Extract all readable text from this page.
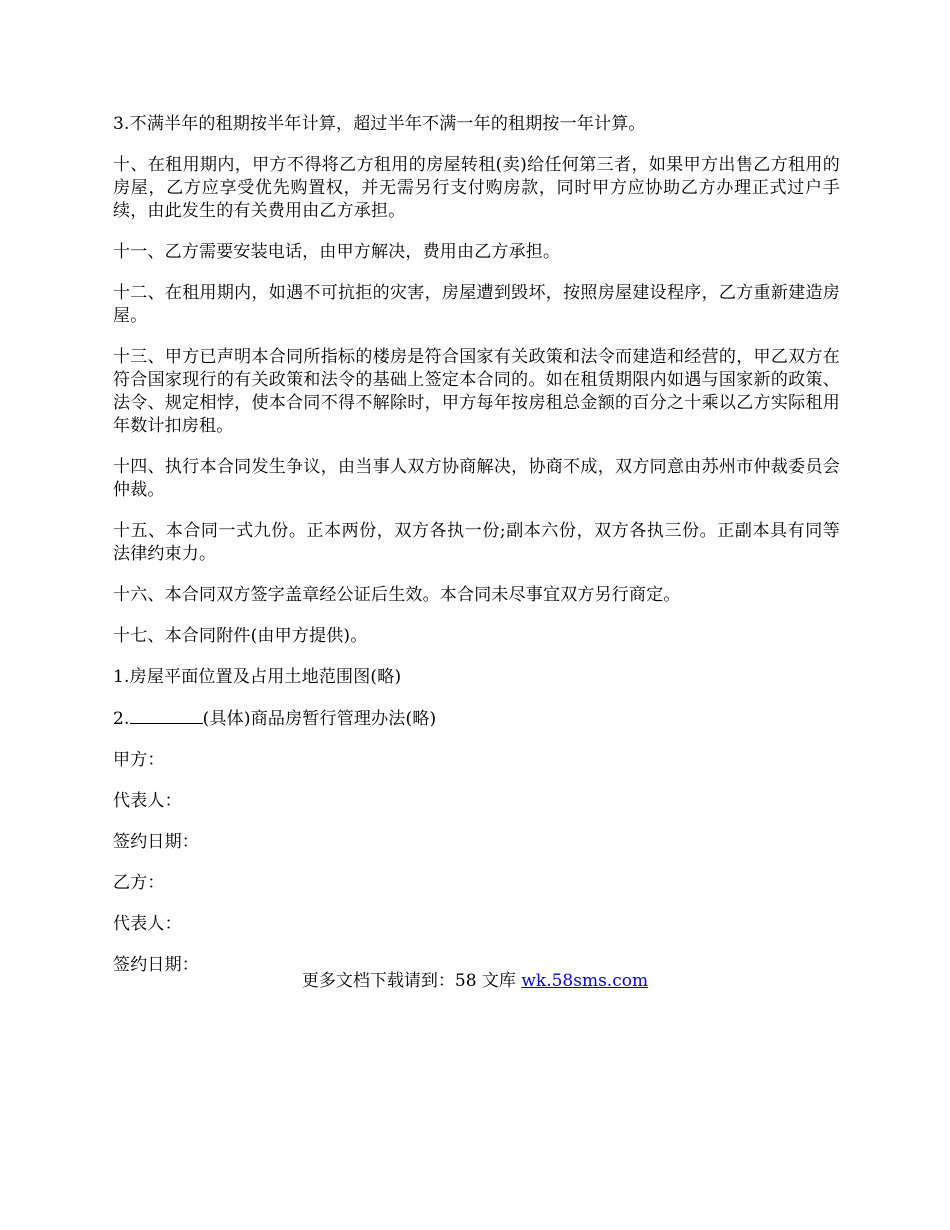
3.不满半年的租期按半年计算，超过半年不满一年的租期按一年计算。

十、在租用期内，甲方不得将乙方租用的房屋转租(卖)给任何第三者，如果甲方出售乙方租用的房屋，乙方应享受优先购置权，并无需另行支付购房款，同时甲方应协助乙方办理正式过户手续，由此发生的有关费用由乙方承担。

十一、乙方需要安装电话，由甲方解决，费用由乙方承担。

十二、在租用期内，如遇不可抗拒的灾害，房屋遭到毁坏，按照房屋建设程序，乙方重新建造房屋。

十三、甲方已声明本合同所指标的楼房是符合国家有关政策和法令而建造和经营的，甲乙双方在符合国家现行的有关政策和法令的基础上签定本合同的。如在租赁期限内如遇与国家新的政策、法令、规定相悖，使本合同不得不解除时，甲方每年按房租总金额的百分之十乘以乙方实际租用年数计扣房租。

十四、执行本合同发生争议，由当事人双方协商解决，协商不成，双方同意由苏州市仲裁委员会仲裁。

十五、本合同一式九份。正本两份，双方各执一份;副本六份，双方各执三份。正副本具有同等法律约束力。

十六、本合同双方签字盖章经公证后生效。本合同未尽事宜双方另行商定。

十七、本合同附件(由甲方提供)。

1.房屋平面位置及占用土地范围图(略)

2.	(具体)商品房暂行管理办法(略)

甲方：

代表人：

签约日期：

乙方：

代表人：

签约日期：

更多文档下载请到：58 文库 wk.58sms.com
